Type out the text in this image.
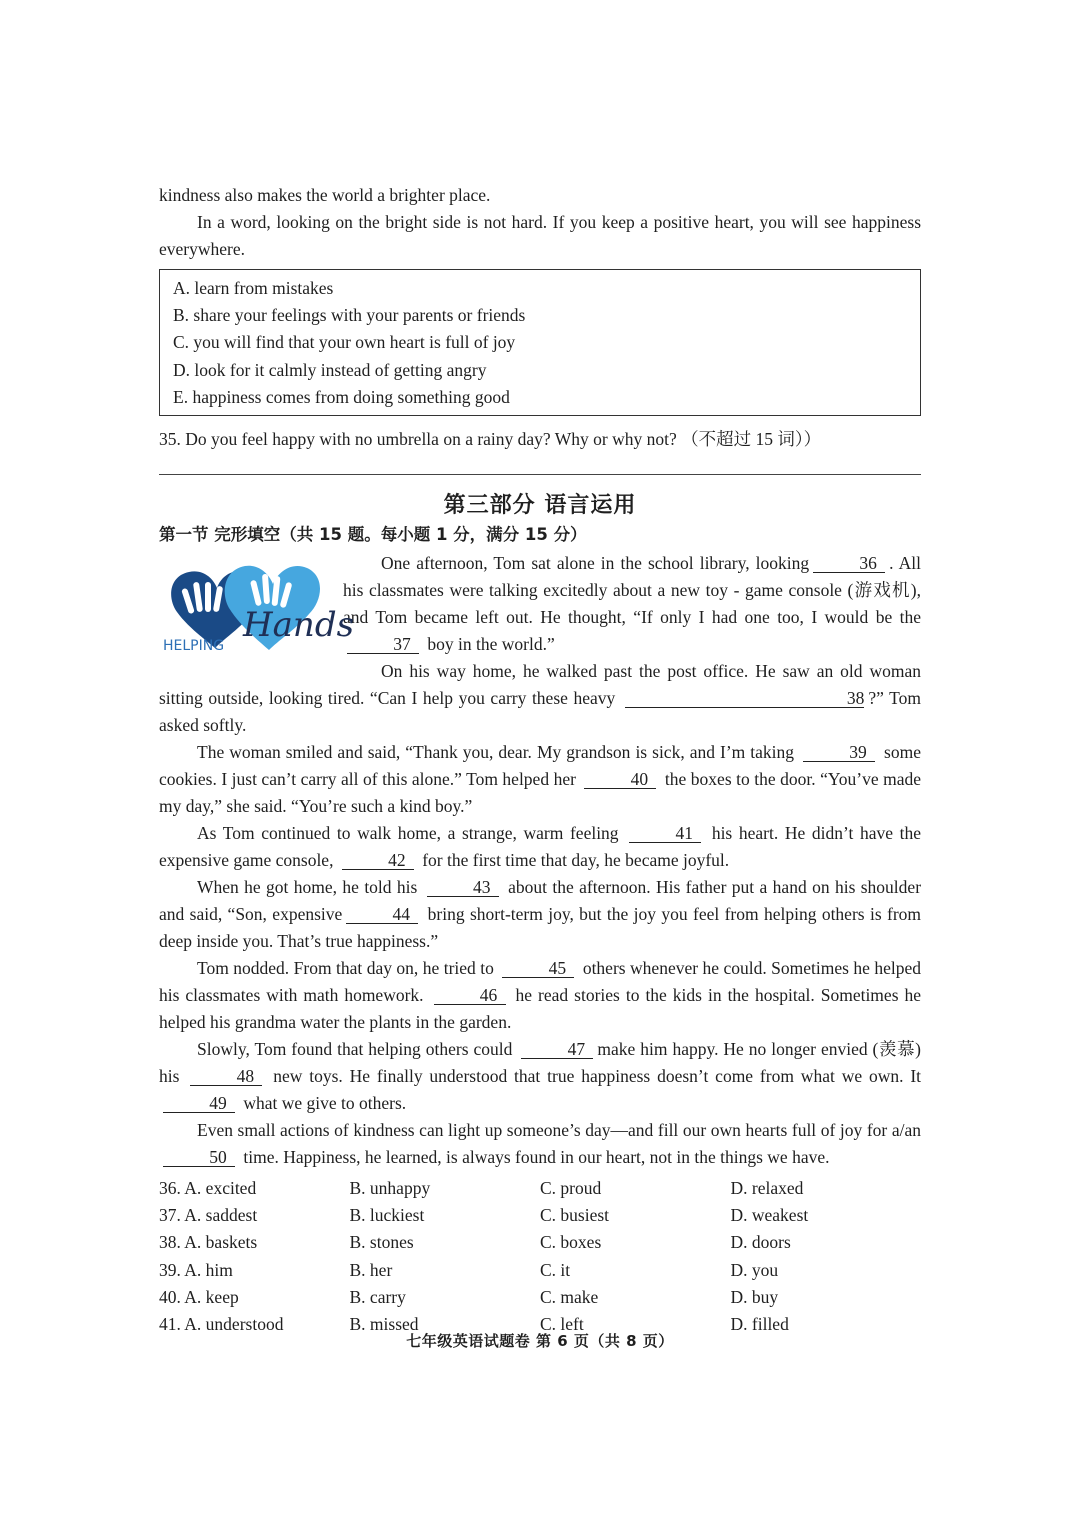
kindness also makes the world a brighter place.

In a word, looking on the bright side is not hard. If you keep a positive heart, you will see happiness everywhere.

A. learn from mistakes
B. share your feelings with your parents or friends
C. you will find that your own heart is full of joy
D. look for it calmly instead of getting angry
E. happiness comes from doing something good
35. Do you feel happy with no umbrella on a rainy day? Why or why not? （不超过 15 词））
第三部分 语言运用
第一节 完形填空（共 15 题。每小题 1 分，满分 15 分）
Hands
HELPING

One afternoon, Tom sat alone in the school library, looking	36 . All his classmates were talking excitedly about a new toy - game console (游戏机), and Tom became left out. He thought, “If only I had one too, I would be the 37 boy in the world.”

On his way home, he walked past the post office. He saw an old woman sitting outside, looking tired. “Can I help you carry these heavy	38 ?” Tom asked softly.

The woman smiled and said, “Thank you, dear. My grandson is sick, and I’m taking	39 some cookies. I just can’t carry all of this alone.” Tom helped her	40 the boxes to the door. “You’ve made my day,” she said. “You’re such a kind boy.”

As Tom continued to walk home, a strange, warm feeling	41 his heart. He didn’t have the expensive game console,	42 for the first time that day, he became joyful.

When he got home, he told his	43 about the afternoon. His father put a hand on his shoulder and said, “Son, expensive	44 bring short-term joy, but the joy you feel from helping others is from deep inside you. That’s true happiness.”

Tom nodded. From that day on, he tried to	45 others whenever he could. Sometimes he helped his classmates with math homework.	46 he read stories to the kids in the hospital. Sometimes he helped his grandma water the plants in the garden.

Slowly, Tom found that helping others could	47 make him happy. He no longer envied (羡慕) his	48 new toys. He finally understood that true happiness doesn’t come from what we own. It 49 what we give to others.

Even small actions of kindness can light up someone’s day—and fill our own hearts full of joy for a/an 50 time. Happiness, he learned, is always found in our heart, not in the things we have.

36. A. excited	B. unhappy	C. proud	D. relaxed
37. A. saddest	B. luckiest	C. busiest	D. weakest
38. A. baskets	B. stones	C. boxes	D. doors
39. A. him	B. her	C. it	D. you
40. A. keep	B. carry	C. make	D. buy
41. A. understood	B. missed	C. left	D. filled
七年级英语试题卷 第 6 页（共 8 页）
